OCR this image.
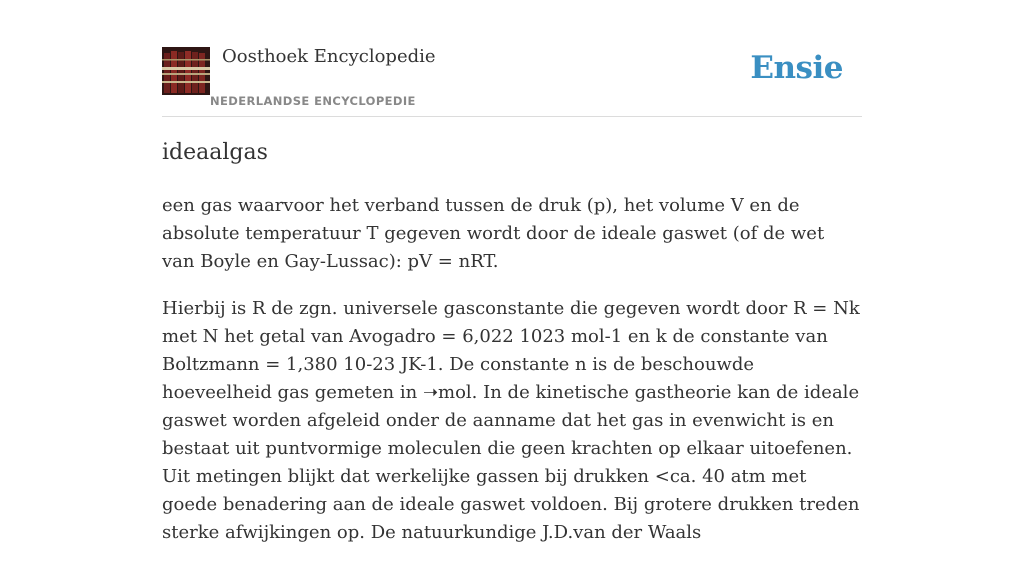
Oosthoek Encyclopedie
NEDERLANDSE ENCYCLOPEDIE
Ensie
ideaalgas

een gas waarvoor het verband tussen de druk (p), het volume V en de absolute temperatuur T gegeven wordt door de ideale gaswet (of de wet van Boyle en Gay-Lussac): pV = nRT.

Hierbij is R de zgn. universele gasconstante die gegeven wordt door R = Nk met N het getal van Avogadro = 6,022 1023 mol-1 en k de constante van Boltzmann = 1,380 10-23 JK-1. De constante n is de beschouwde hoeveelheid gas gemeten in ➝mol. In de kinetische gastheorie kan de ideale gaswet worden afgeleid onder de aanname dat het gas in evenwicht is en bestaat uit puntvormige moleculen die geen krachten op elkaar uitoefenen. Uit metingen blijkt dat werkelijke gassen bij drukken <ca. 40 atm met goede benadering aan de ideale gaswet voldoen. Bij grotere drukken treden sterke afwijkingen op. De natuurkundige J.D.van der Waals
